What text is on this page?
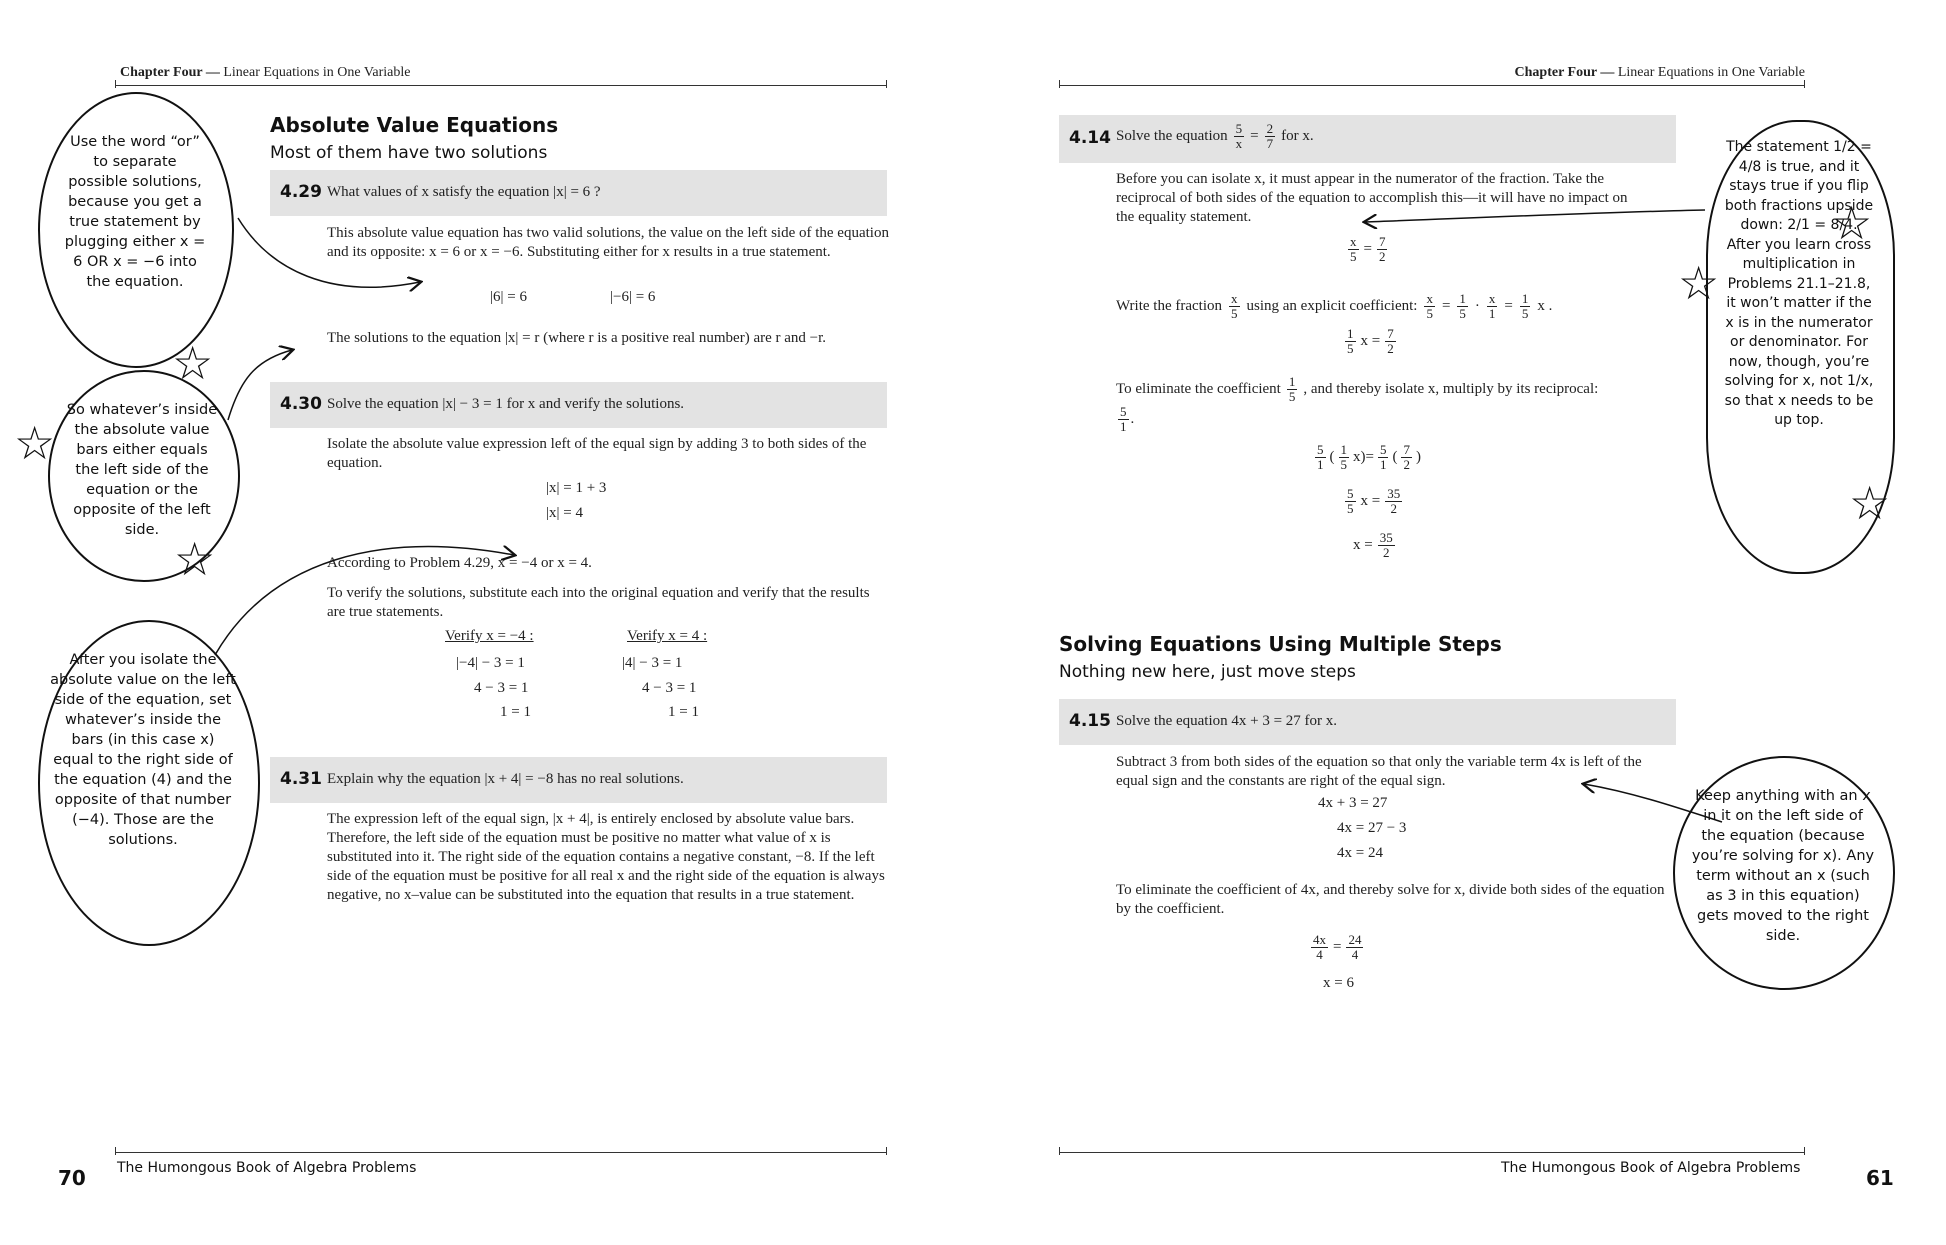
Chapter Four — Linear Equations in One Variable
Absolute Value Equations
Most of them have two solutions
4.29 What values of x satisfy the equation |x| = 6 ?
This absolute value equation has two valid solutions, the value on the left side of the equation and its opposite: x = 6 or x = −6. Substituting either for x results in a true statement.
|6| = 6	|−6| = 6
The solutions to the equation |x| = r (where r is a positive real number) are r and −r.
4.30 Solve the equation |x| − 3 = 1 for x and verify the solutions.
Isolate the absolute value expression left of the equal sign by adding 3 to both sides of the equation.
|x| = 1 + 3
|x| = 4
According to Problem 4.29, x = −4 or x = 4.
To verify the solutions, substitute each into the original equation and verify that the results are true statements.
Verify x = −4 :
|−4| − 3 = 1
4 − 3 = 1
1 = 1
Verify x = 4 :
|4| − 3 = 1
4 − 3 = 1
1 = 1
4.31 Explain why the equation |x + 4| = −8 has no real solutions.
The expression left of the equal sign, |x + 4|, is entirely enclosed by absolute value bars. Therefore, the left side of the equation must be positive no matter what value of x is substituted into it. The right side of the equation contains a negative constant, −8. If the left side of the equation must be positive for all real x and the right side of the equation is always negative, no x–value can be substituted into the equation that results in a true statement.
Use the word “or” to separate possible solutions, because you get a true statement by plugging either x = 6 OR x = −6 into the equation.
So whatever’s inside the absolute value bars either equals the left side of the equation or the opposite of the left side.
After you isolate the absolute value on the left side of the equation, set whatever’s inside the bars (in this case x) equal to the right side of the equation (4) and the opposite of that number (−4). Those are the solutions.
☆
☆
☆
70 The Humongous Book of Algebra Problems
Chapter Four — Linear Equations in One Variable
4.14 Solve the equation $\frac{5}{x} = \frac{2}{7}$ for x.
Before you can isolate x, it must appear in the numerator of the fraction. Take the reciprocal of both sides of the equation to accomplish this—it will have no impact on the equality statement.
$\frac{x}{5} = \frac{7}{2}$
Write the fraction $\frac{x}{5}$ using an explicit coefficient: $\frac{x}{5} = \frac{1}{5} \cdot \frac{x}{1} = \frac{1}{5}$ x .
$\frac{1}{5}$ $x = \frac{7}{2}$
To eliminate the coefficient $\frac{1}{5}$ , and thereby isolate x, multiply by its reciprocal:
$\frac{5}{1}$ .
$\frac{5}{1}$ ( $\frac{1}{5} x)= \frac{5}{1}$ ( $\frac{7}{2}$ )
$\frac{5}{5}$ $x = \frac{35}{2}$
$x = \frac{35}{2}$
Solving Equations Using Multiple Steps
Nothing new here, just move steps
4.15 Solve the equation 4x + 3 = 27 for x.
Subtract 3 from both sides of the equation so that only the variable term 4x is left of the equal sign and the constants are right of the equal sign.
4x + 3 = 27
4x = 27 − 3
4x = 24
To eliminate the coefficient of 4x, and thereby solve for x, divide both sides of the equation by the coefficient.
$\frac{4x}{4} = \frac{24}{4}$
x = 6
The statement 1/2 = 4/8 is true, and it stays true if you flip both fractions upside down: 2/1 = 8/4. After you learn cross multiplication in Problems 21.1–21.8, it won’t matter if the x is in the numerator or denominator. For now, though, you’re solving for x, not 1/x, so that x needs to be up top.
Keep anything with an x in it on the left side of the equation (because you’re solving for x). Any term without an x (such as 3 in this equation) gets moved to the right side.
☆
☆
☆
The Humongous Book of Algebra Problems	61
